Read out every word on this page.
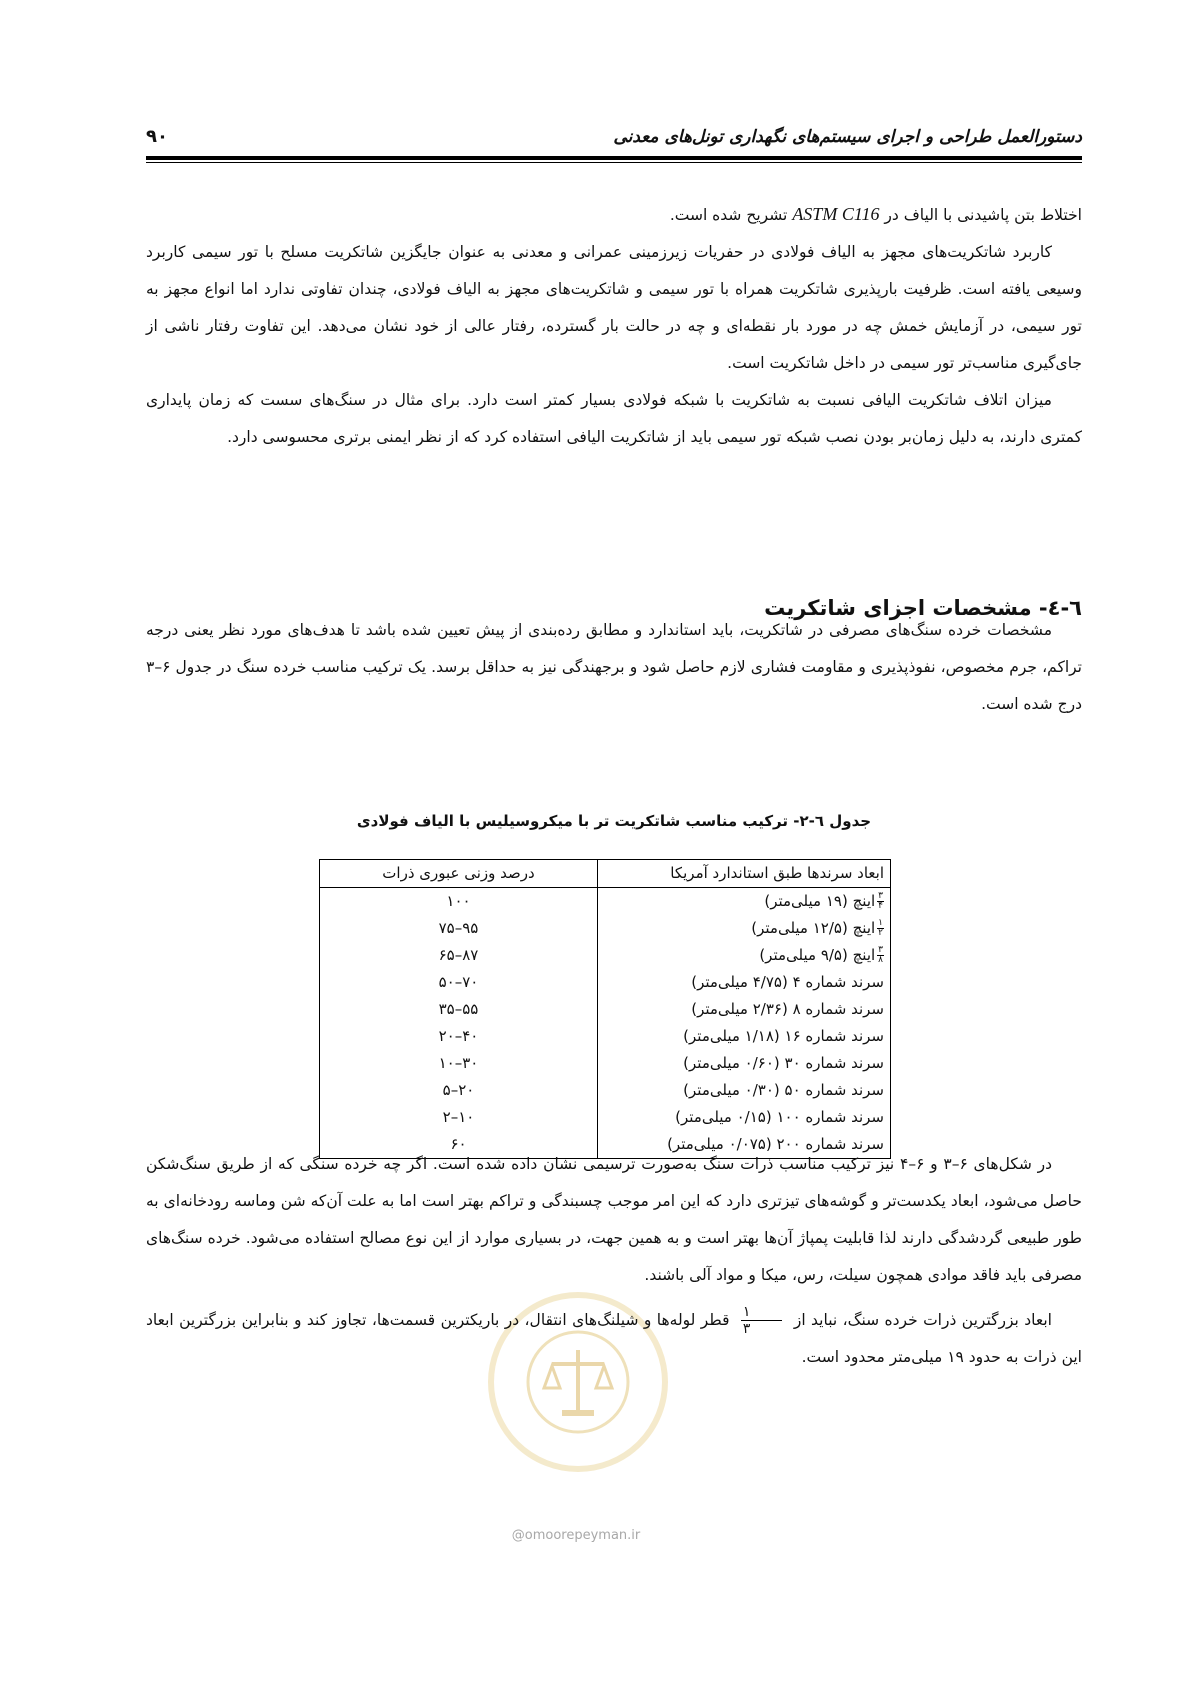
دستورالعمل طراحی و اجرای سیستم‌های نگهداری تونل‌های معدنی
۹۰

اختلاط بتن پاشیدنی با الیاف در ASTM C116 تشریح شده است.

کاربرد شاتکریت‌های مجهز به الیاف فولادی در حفریات زیرزمینی عمرانی و معدنی به عنوان جایگزین شاتکریت مسلح با تور سیمی کاربرد وسیعی یافته است. ظرفیت بارپذیری شاتکریت همراه با تور سیمی و شاتکریت‌های مجهز به الیاف فولادی، چندان تفاوتی ندارد اما انواع مجهز به تور سیمی، در آزمایش خمش چه در مورد بار نقطه‌ای و چه در حالت بار گسترده، رفتار عالی از خود نشان می‌دهد. این تفاوت رفتار ناشی از جای‌گیری مناسب‌تر تور سیمی در داخل شاتکریت است.

میزان اتلاف شاتکریت الیافی نسبت به شاتکریت با شبکه فولادی بسیار کمتر است دارد. برای مثال در سنگ‌های سست که زمان پایداری کمتری دارند، به دلیل زمان‌بر بودن نصب شبکه تور سیمی باید از شاتکریت الیافی استفاده کرد که از نظر ایمنی برتری محسوسی دارد.

٦-٤- مشخصات اجزای شاتکریت

مشخصات خرده سنگ‌های مصرفی در شاتکریت، باید استاندارد و مطابق رده‌بندی از پیش تعیین شده باشد تا هدف‌های مورد نظر یعنی درجه تراکم، جرم مخصوص، نفوذپذیری و مقاومت فشاری لازم حاصل شود و برجهندگی نیز به حداقل برسد. یک ترکیب مناسب خرده سنگ در جدول ۶–۳ درج شده است.

جدول ٦-٢- ترکیب مناسب شاتکریت تر با میکروسیلیس با الیاف فولادی

ابعاد سرندها طبق استاندارد آمریکا	درصد وزنی عبوری ذرات

$\frac{۳}{۴}$
اینچ (۱۹ میلی‌متر)	۱۰۰

$\frac{۱}{۲}$
اینچ (۱۲/۵ میلی‌متر)	۹۵–۷۵

$\frac{۳}{۸}$
اینچ (۹/۵ میلی‌متر)	۸۷–۶۵
سرند شماره ۴ (۴/۷۵ میلی‌متر)	۷۰–۵۰
سرند شماره ۸ (۲/۳۶ میلی‌متر)	۵۵–۳۵
سرند شماره ۱۶ (۱/۱۸ میلی‌متر)	۴۰–۲۰
سرند شماره ۳۰ (۰/۶۰ میلی‌متر)	۳۰–۱۰
سرند شماره ۵۰ (۰/۳۰ میلی‌متر)	۲۰–۵
سرند شماره ۱۰۰ (۰/۱۵ میلی‌متر)	۱۰–۲
سرند شماره ۲۰۰ (۰/۰۷۵ میلی‌متر)	۶۰

در شکل‌های ۶–۳ و ۶–۴ نیز ترکیب مناسب ذرات سنگ به‌صورت ترسیمی نشان داده شده است. اگر چه خرده سنگی که از طریق سنگ‌شکن حاصل می‌شود، ابعاد یکدست‌تر و گوشه‌های تیزتری دارد که این امر موجب چسبندگی و تراکم بهتر است اما به علت آن‌که شن وماسه رودخانه‌ای به طور طبیعی گردشدگی دارند لذا قابلیت پمپاژ آن‌ها بهتر است و به همین جهت، در بسیاری موارد از این نوع مصالح استفاده می‌شود. خرده سنگ‌های مصرفی باید فاقد موادی همچون سیلت، رس، میکا و مواد آلی باشند.

ابعاد بزرگترین ذرات خرده سنگ، نباید از
$\frac{۱}{۳}$
قطر لوله‌ها و شیلنگ‌های انتقال، در باریکترین قسمت‌ها، تجاوز کند و بنابراین بزرگترین ابعاد این ذرات به حدود ۱۹ میلی‌متر محدود است.

@omoorepeyman.ir
